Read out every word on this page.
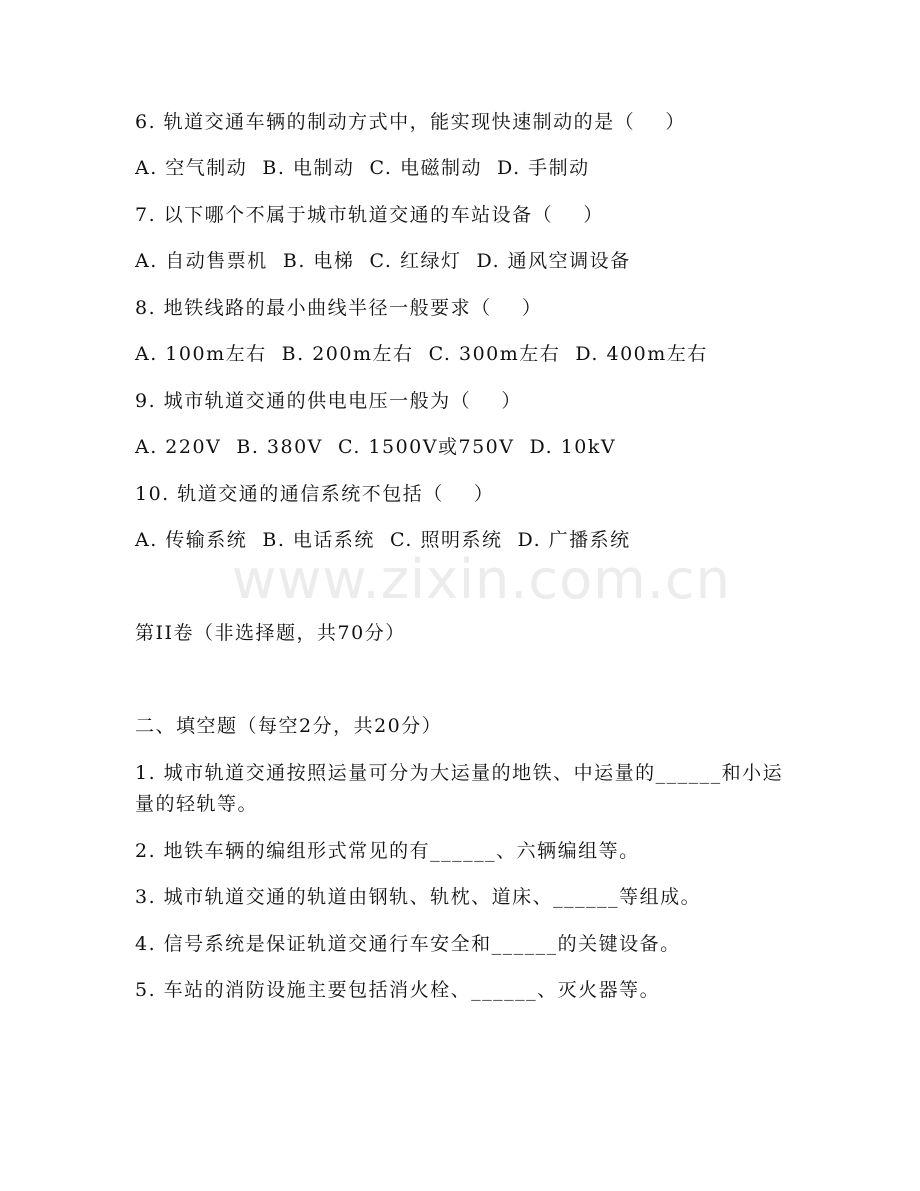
www.zixin.com.cn
6. 轨道交通车辆的制动方式中，能实现快速制动的是（    ）
A. 空气制动  B. 电制动  C. 电磁制动  D. 手制动
7. 以下哪个不属于城市轨道交通的车站设备（    ）
A. 自动售票机  B. 电梯  C. 红绿灯  D. 通风空调设备
8. 地铁线路的最小曲线半径一般要求（    ）
A. 100m左右  B. 200m左右  C. 300m左右  D. 400m左右
9. 城市轨道交通的供电电压一般为（    ）
A. 220V  B. 380V  C. 1500V或750V  D. 10kV
10. 轨道交通的通信系统不包括（    ）
A. 传输系统  B. 电话系统  C. 照明系统  D. 广播系统
第II卷（非选择题，共70分）
二、填空题（每空2分，共20分）
1. 城市轨道交通按照运量可分为大运量的地铁、中运量的______和小运量的轻轨等。
2. 地铁车辆的编组形式常见的有______、六辆编组等。
3. 城市轨道交通的轨道由钢轨、轨枕、道床、______等组成。
4. 信号系统是保证轨道交通行车安全和______的关键设备。
5. 车站的消防设施主要包括消火栓、______、灭火器等。
